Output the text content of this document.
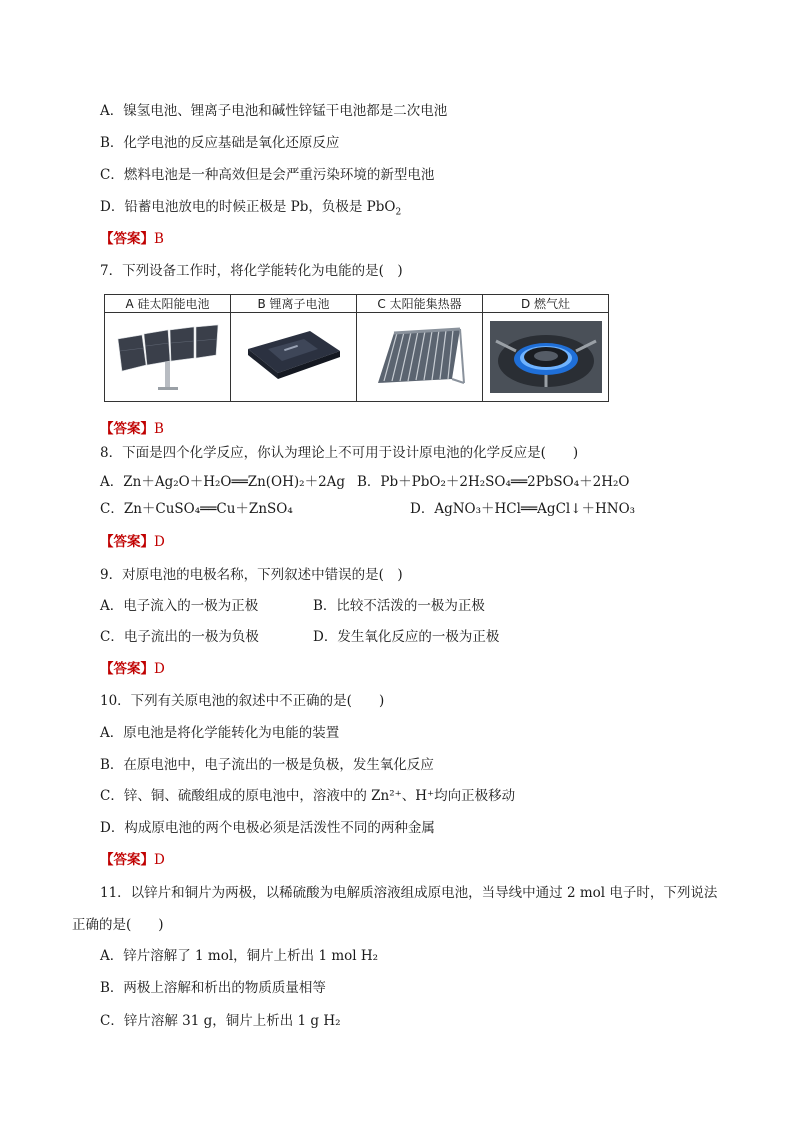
A．镍氢电池、锂离子电池和碱性锌锰干电池都是二次电池
B．化学电池的反应基础是氧化还原反应
C．燃料电池是一种高效但是会严重污染环境的新型电池
D．铅蓄电池放电的时候正极是 Pb，负极是 PbO$_2$
【答案】B
7．下列设备工作时，将化学能转化为电能的是(　)
A 硅太阳能电池	B 锂离子电池	C 太阳能集热器	D 燃气灶

【答案】B
8．下面是四个化学反应，你认为理论上不可用于设计原电池的化学反应是(　　)
A．Zn＋Ag₂O＋H₂O══Zn(OH)₂＋2Ag B．Pb＋PbO₂＋2H₂SO₄══2PbSO₄＋2H₂O
C．Zn＋CuSO₄══Cu＋ZnSO₄	D．AgNO₃＋HCl══AgCl↓＋HNO₃
【答案】D
9．对原电池的电极名称，下列叙述中错误的是(　)
A．电子流入的一极为正极	B．比较不活泼的一极为正极
C．电子流出的一极为负极	D．发生氧化反应的一极为正极
【答案】D
10．下列有关原电池的叙述中不正确的是(　　)
A．原电池是将化学能转化为电能的装置
B．在原电池中，电子流出的一极是负极，发生氧化反应
C．锌、铜、硫酸组成的原电池中，溶液中的 Zn²⁺、H⁺均向正极移动
D．构成原电池的两个电极必须是活泼性不同的两种金属
【答案】D
11．以锌片和铜片为两极，以稀硫酸为电解质溶液组成原电池，当导线中通过 2 mol 电子时，下列说法
正确的是(　　)
A．锌片溶解了 1 mol，铜片上析出 1 mol H₂
B．两极上溶解和析出的物质质量相等
C．锌片溶解 31 g，铜片上析出 1 g H₂
